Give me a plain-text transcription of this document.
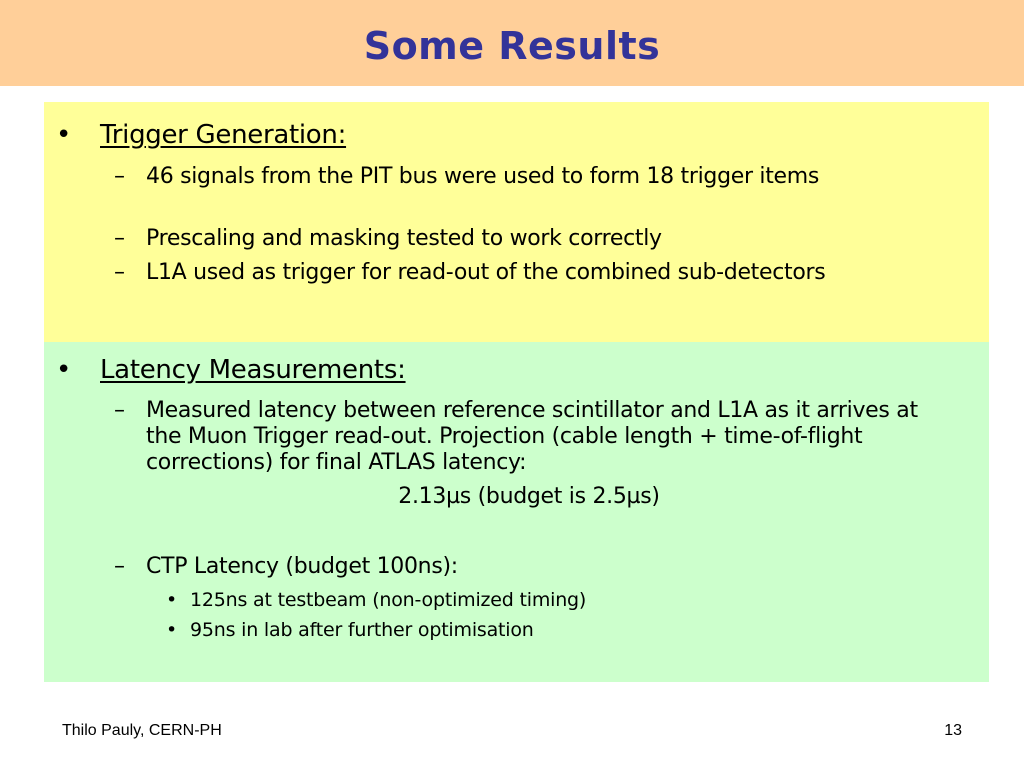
Some Results
•	Trigger Generation:
– 46 signals from the PIT bus were used to form 18 trigger items
– Prescaling and masking tested to work correctly
– L1A used as trigger for read-out of the combined sub-detectors
•	Latency Measurements:
– Measured latency between reference scintillator and L1A as it arrives at the Muon Trigger read-out. Projection (cable length + time-of-flight corrections) for final ATLAS latency:
2.13µs (budget is 2.5µs)
– CTP Latency (budget 100ns):
• 125ns at testbeam (non-optimized timing)
• 95ns in lab after further optimisation
Thilo Pauly, CERN-PH	13
